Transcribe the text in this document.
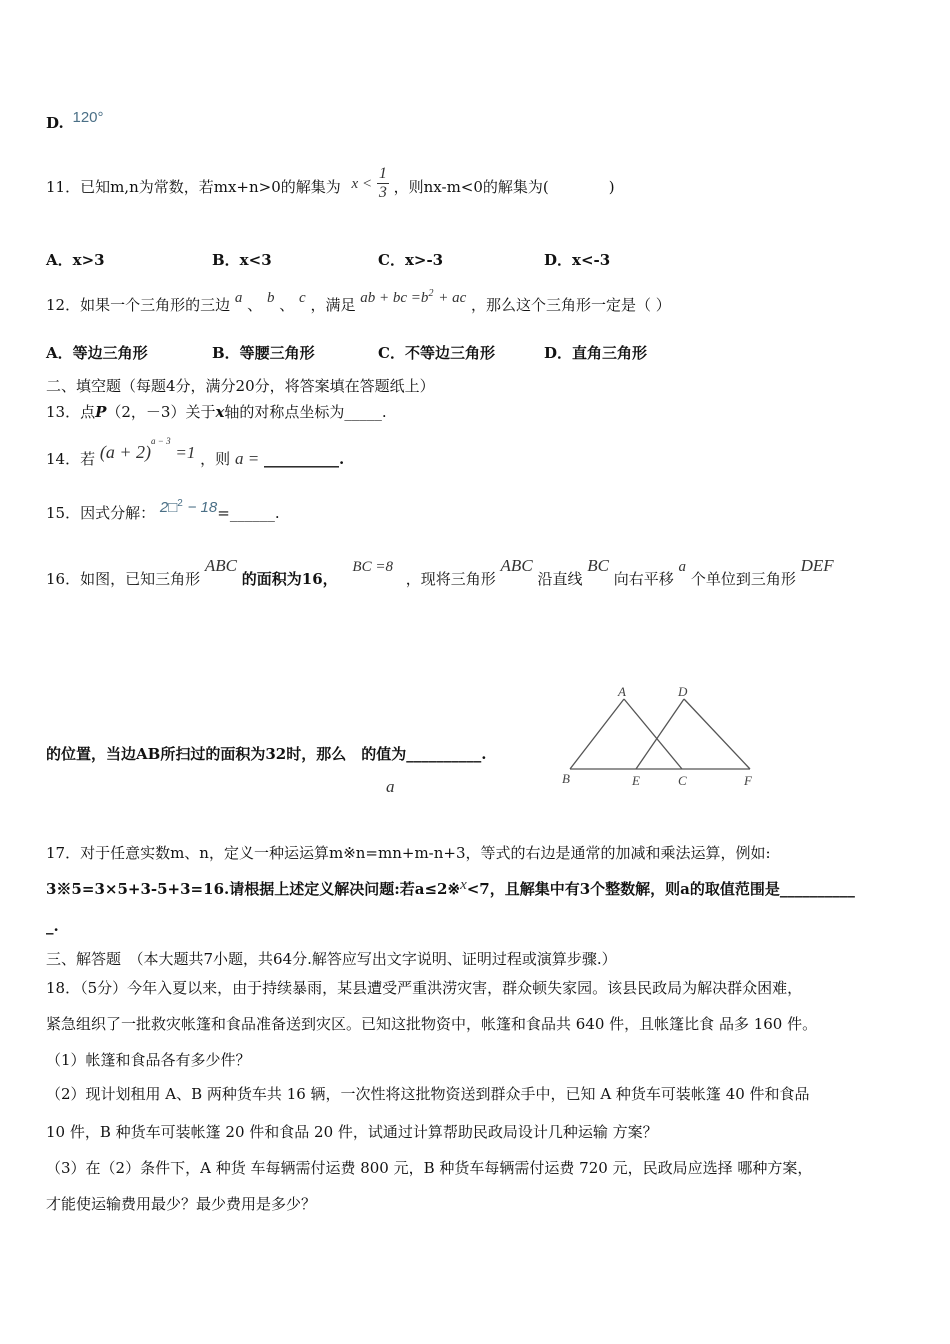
D. 120°
11．已知m,n为常数，若mx+n>0的解集为 $x < \frac{1}{3}$ ，则nx-m<0的解集为(　　　　)
A．x>3	B．x<3	C．x>-3	D．x<-3
12．如果一个三角形的三边 a 、 b 、 c ，满足 ab + bc $=b^2$ + ac ，那么这个三角形一定是（ ）
A．等边三角形	B．等腰三角形	C．不等边三角形	D．直角三角形
二、填空题（每题4分，满分20分，将答案填在答题纸上）
13．点P（2，－3）关于x轴的对称点坐标为_____.
14．若 $(a + 2)^{a - 3} =1$ ，则 a = __________.
15．因式分解： 2□$^2$ − 18=______.
16．如图，已知三角形 ABC 的面积为16， BC =8 ，现将三角形 ABC 沿直线 BC 向右平移 a 个单位到三角形 DEF
的位置，当边AB所扫过的面积为32时，那么　的值为__________.
a
A	D
B	E	C	F
17．对于任意实数m、n，定义一种运运算m※n=mn+m-n+3，等式的右边是通常的加减和乘法运算，例如:
3※5=3×5+3-5+3=16.请根据上述定义解决问题:若a≤2※x<7，且解集中有3个整数解，则a的取值范围是__________
_.
三、解答题　（本大题共7小题，共64分.解答应写出文字说明、证明过程或演算步骤.）
18．（5分）今年入夏以来，由于持续暴雨，某县遭受严重洪涝灾害，群众顿失家园。该县民政局为解决群众困难，
紧急组织了一批救灾帐篷和食品准备送到灾区。已知这批物资中，帐篷和食品共 640 件，且帐篷比食 品多 160 件。
（1）帐篷和食品各有多少件？
（2）现计划租用 A、B 两种货车共 16 辆，一次性将这批物资送到群众手中，已知 A 种货车可装帐篷 40 件和食品
10 件，B 种货车可装帐篷 20 件和食品 20 件，试通过计算帮助民政局设计几种运输 方案？
（3）在（2）条件下，A 种货 车每辆需付运费 800 元，B 种货车每辆需付运费 720 元，民政局应选择 哪种方案，
才能使运输费用最少？最少费用是多少？
